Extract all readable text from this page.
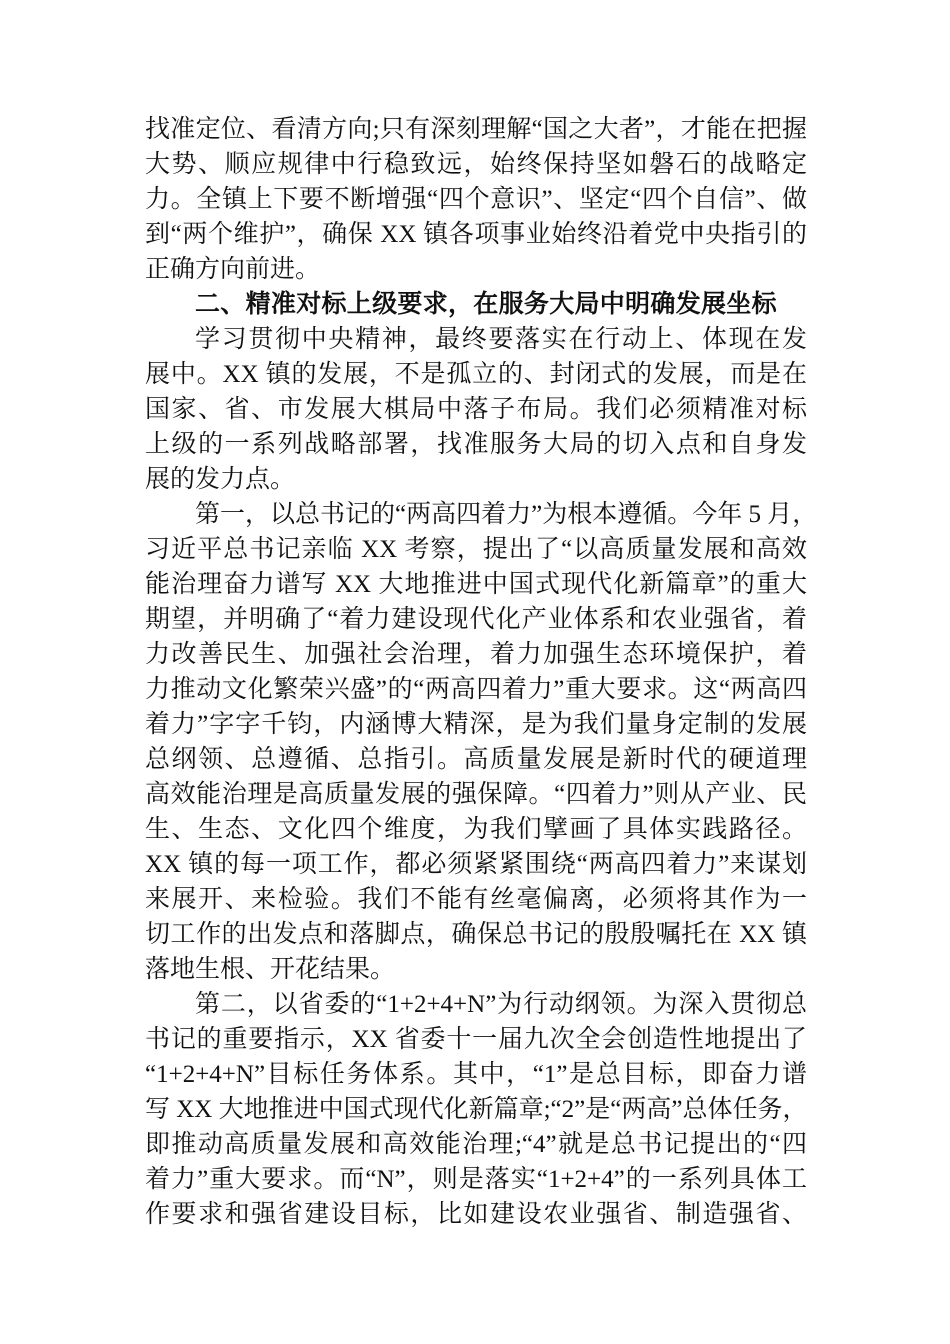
找准定位、看清方向;只有深刻理解“国之大者”，才能在把握
大势、顺应规律中行稳致远，始终保持坚如磐石的战略定
力。全镇上下要不断增强“四个意识”、坚定“四个自信”、做
到“两个维护”，确保 XX 镇各项事业始终沿着党中央指引的
正确方向前进。
二、精准对标上级要求，在服务大局中明确发展坐标
学习贯彻中央精神，最终要落实在行动上、体现在发
展中。XX 镇的发展，不是孤立的、封闭式的发展，而是在
国家、省、市发展大棋局中落子布局。我们必须精准对标
上级的一系列战略部署，找准服务大局的切入点和自身发
展的发力点。
第一，以总书记的“两高四着力”为根本遵循。今年 5 月，
习近平总书记亲临 XX 考察，提出了“以高质量发展和高效
能治理奋力谱写 XX 大地推进中国式现代化新篇章”的重大
期望，并明确了“着力建设现代化产业体系和农业强省，着
力改善民生、加强社会治理，着力加强生态环境保护，着
力推动文化繁荣兴盛”的“两高四着力”重大要求。这“两高四
着力”字字千钧，内涵博大精深，是为我们量身定制的发展
总纲领、总遵循、总指引。高质量发展是新时代的硬道理
高效能治理是高质量发展的强保障。“四着力”则从产业、民
生、生态、文化四个维度，为我们擘画了具体实践路径。
XX 镇的每一项工作，都必须紧紧围绕“两高四着力”来谋划
来展开、来检验。我们不能有丝毫偏离，必须将其作为一
切工作的出发点和落脚点，确保总书记的殷殷嘱托在 XX 镇
落地生根、开花结果。
第二，以省委的“1+2+4+N”为行动纲领。为深入贯彻总
书记的重要指示，XX 省委十一届九次全会创造性地提出了
“1+2+4+N”目标任务体系。其中，“1”是总目标，即奋力谱
写 XX 大地推进中国式现代化新篇章;“2”是“两高”总体任务，
即推动高质量发展和高效能治理;“4”就是总书记提出的“四
着力”重大要求。而“N”，则是落实“1+2+4”的一系列具体工
作要求和强省建设目标，比如建设农业强省、制造强省、
